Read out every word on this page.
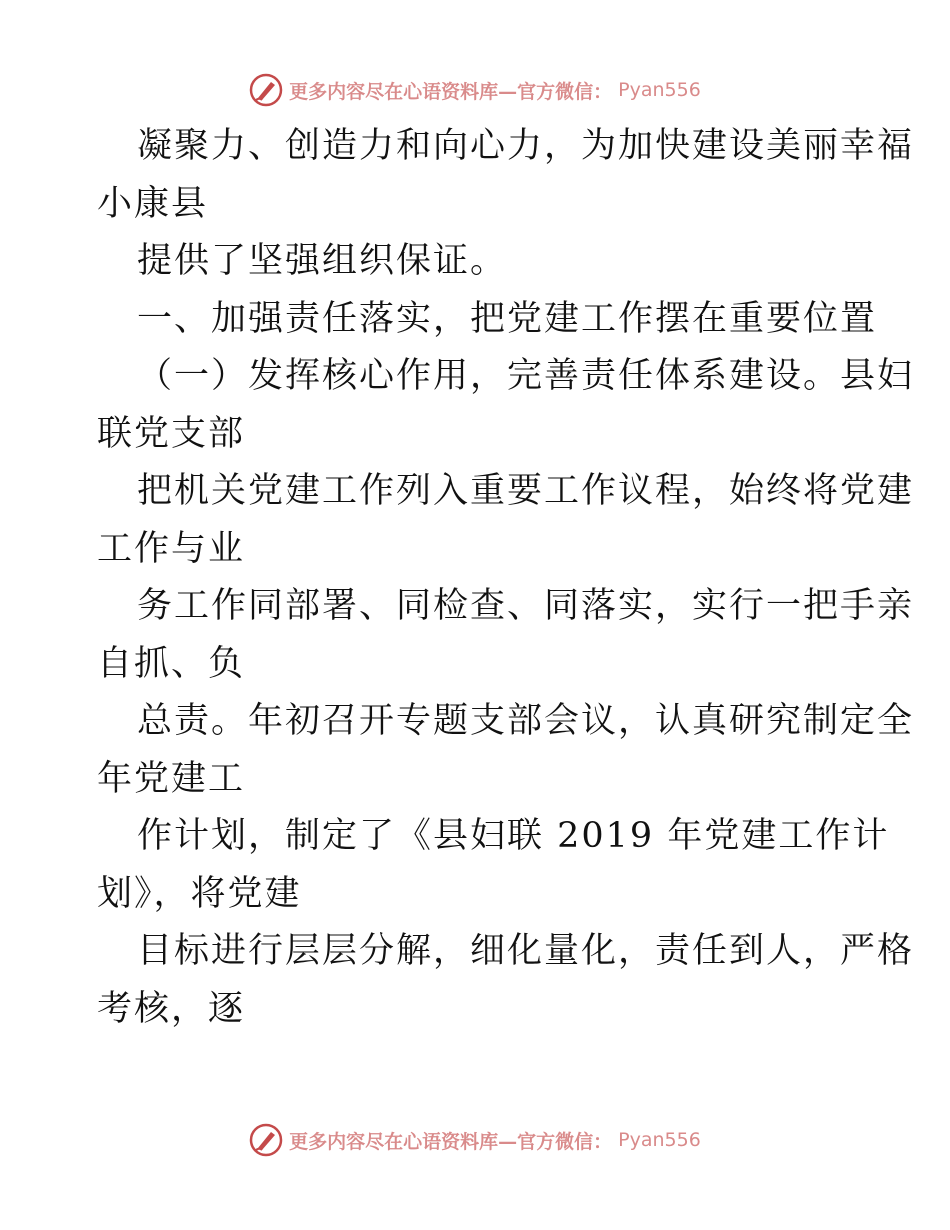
更多内容尽在心语资料库—官方微信： Pyan556
凝聚力、创造力和向心力，为加快建设美丽幸福
小康县
提供了坚强组织保证。
一、加强责任落实，把党建工作摆在重要位置
（一）发挥核心作用，完善责任体系建设。县妇
联党支部
把机关党建工作列入重要工作议程，始终将党建
工作与业
务工作同部署、同检查、同落实，实行一把手亲
自抓、负
总责。年初召开专题支部会议，认真研究制定全
年党建工
作计划，制定了《县妇联 2019 年党建工作计
划》，将党建
目标进行层层分解，细化量化，责任到人，严格
考核，逐
更多内容尽在心语资料库—官方微信： Pyan556
